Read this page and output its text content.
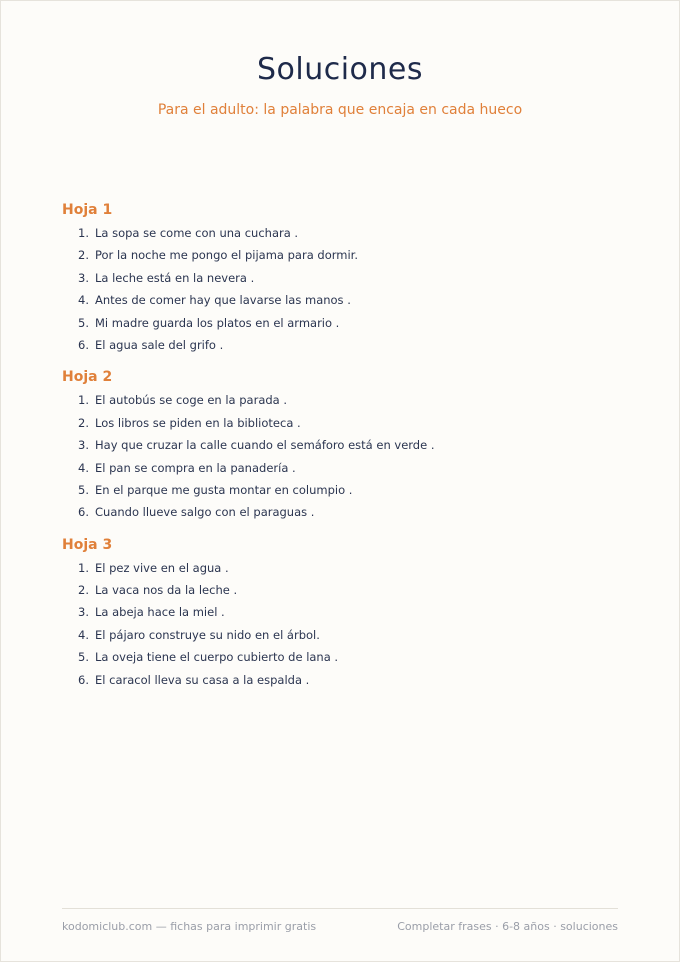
Soluciones
Para el adulto: la palabra que encaja en cada hueco
Hoja 1
1. La sopa se come con una cuchara .
2. Por la noche me pongo el pijama para dormir.
3. La leche está en la nevera .
4. Antes de comer hay que lavarse las manos .
5. Mi madre guarda los platos en el armario .
6. El agua sale del grifo .
Hoja 2
1. El autobús se coge en la parada .
2. Los libros se piden en la biblioteca .
3. Hay que cruzar la calle cuando el semáforo está en verde .
4. El pan se compra en la panadería .
5. En el parque me gusta montar en columpio .
6. Cuando llueve salgo con el paraguas .
Hoja 3
1. El pez vive en el agua .
2. La vaca nos da la leche .
3. La abeja hace la miel .
4. El pájaro construye su nido en el árbol.
5. La oveja tiene el cuerpo cubierto de lana .
6. El caracol lleva su casa a la espalda .
kodomiclub.com — fichas para imprimir gratis	Completar frases · 6-8 años · soluciones
